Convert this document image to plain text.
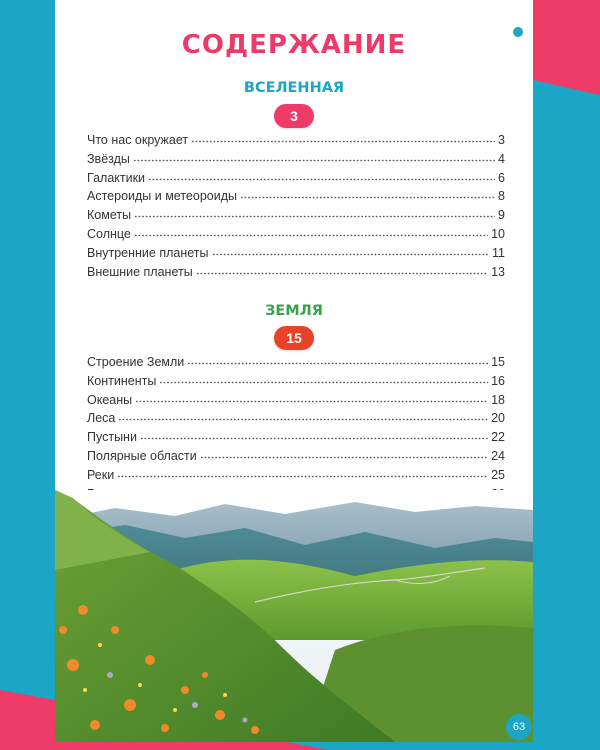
СОДЕРЖАНИЕ
ВСЕЛЕННАЯ
3
Что нас окружает	3
Звёзды	4
Галактики	6
Астероиды и метеороиды	8
Кометы	9
Солнце	10
Внутренние планеты	11
Внешние планеты	13
ЗЕМЛЯ
15
Строение Земли	15
Континенты	16
Океаны	18
Леса	20
Пустыни	22
Полярные области	24
Реки	25
63
